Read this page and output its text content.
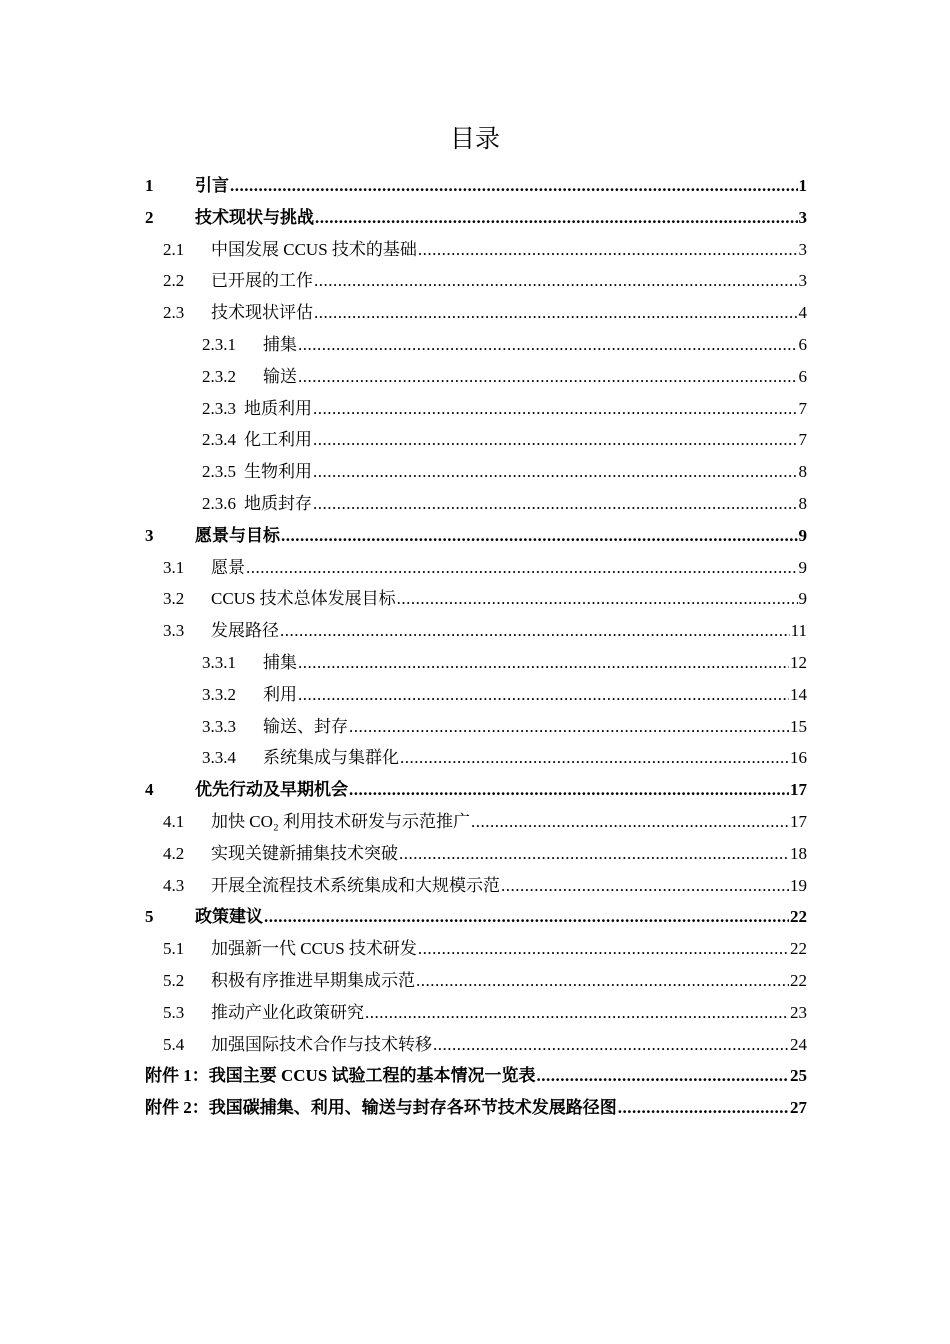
目录
1	引言 .....	1
2	技术现状与挑战 .....	3
2.1	中国发展 CCUS 技术的基础 .....	3
2.2	已开展的工作 .....	3
2.3	技术现状评估 .....	4
2.3.1	捕集 .....	6
2.3.2	输送 .....	6
2.3.3 地质利用 .....	7
2.3.4 化工利用 .....	7
2.3.5 生物利用 .....	8
2.3.6 地质封存 .....	8
3	愿景与目标 .....	9
3.1	愿景 .....	9
3.2	CCUS 技术总体发展目标 .....	9
3.3	发展路径 .....	11
3.3.1	捕集 .....	12
3.3.2	利用 .....	14
3.3.3	输送、封存 .....	15
3.3.4	系统集成与集群化 .....	16
4	优先行动及早期机会 .....	17
4.1	加快 CO₂ 利用技术研发与示范推广 .....	17
4.2	实现关键新捕集技术突破 .....	18
4.3	开展全流程技术系统集成和大规模示范 .....	19
5	政策建议 .....	22
5.1	加强新一代 CCUS 技术研发 .....	22
5.2	积极有序推进早期集成示范 .....	22
5.3	推动产业化政策研究 .....	23
5.4	加强国际技术合作与技术转移 .....	24
附件 1：我国主要 CCUS 试验工程的基本情况一览表 .....	25
附件 2：我国碳捕集、利用、输送与封存各环节技术发展路径图 .....	27
